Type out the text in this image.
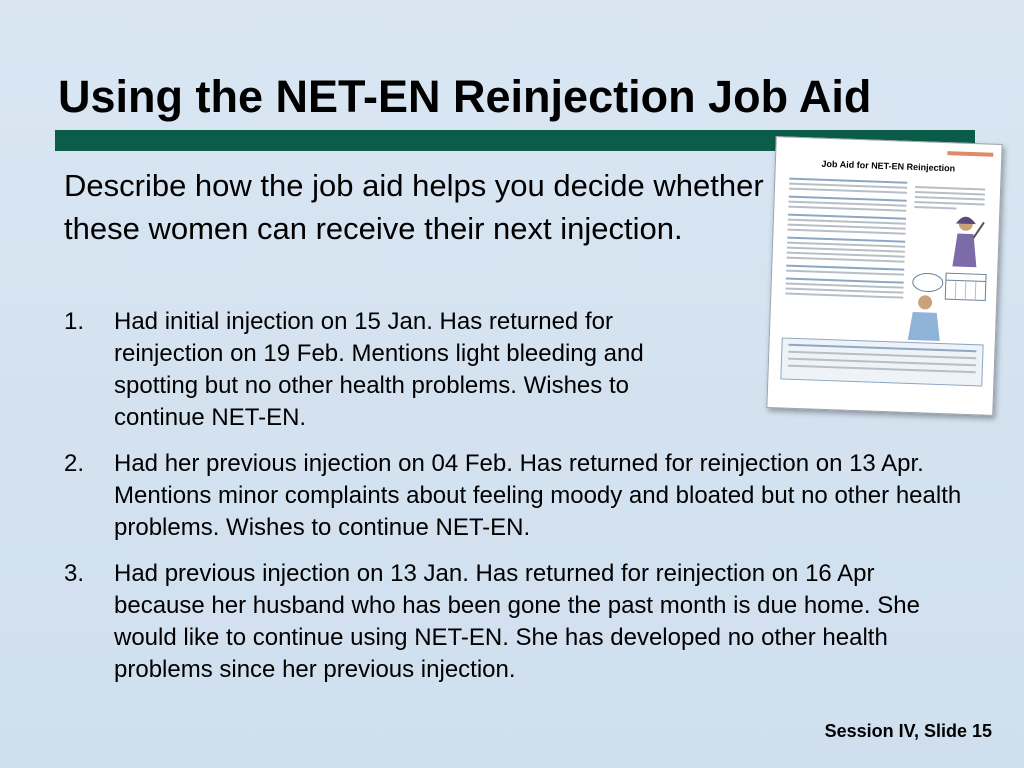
Using the NET-EN Reinjection Job Aid

Describe how the job aid helps you decide whether these women can receive their next injection.

1. Had initial injection on 15 Jan. Has returned for reinjection on 19 Feb. Mentions light bleeding and spotting but no other health problems. Wishes to continue NET-EN.
2. Had her previous injection on 04 Feb. Has returned for reinjection on 13 Apr. Mentions minor complaints about feeling moody and bloated but no other health problems. Wishes to continue NET-EN.
3. Had previous injection on 13 Jan. Has returned for reinjection on 16 Apr because her husband who has been gone the past month is due home. She would like to continue using NET-EN. She has developed no other health problems since her previous injection.
Job Aid for NET-EN Reinjection
Session IV, Slide 15
